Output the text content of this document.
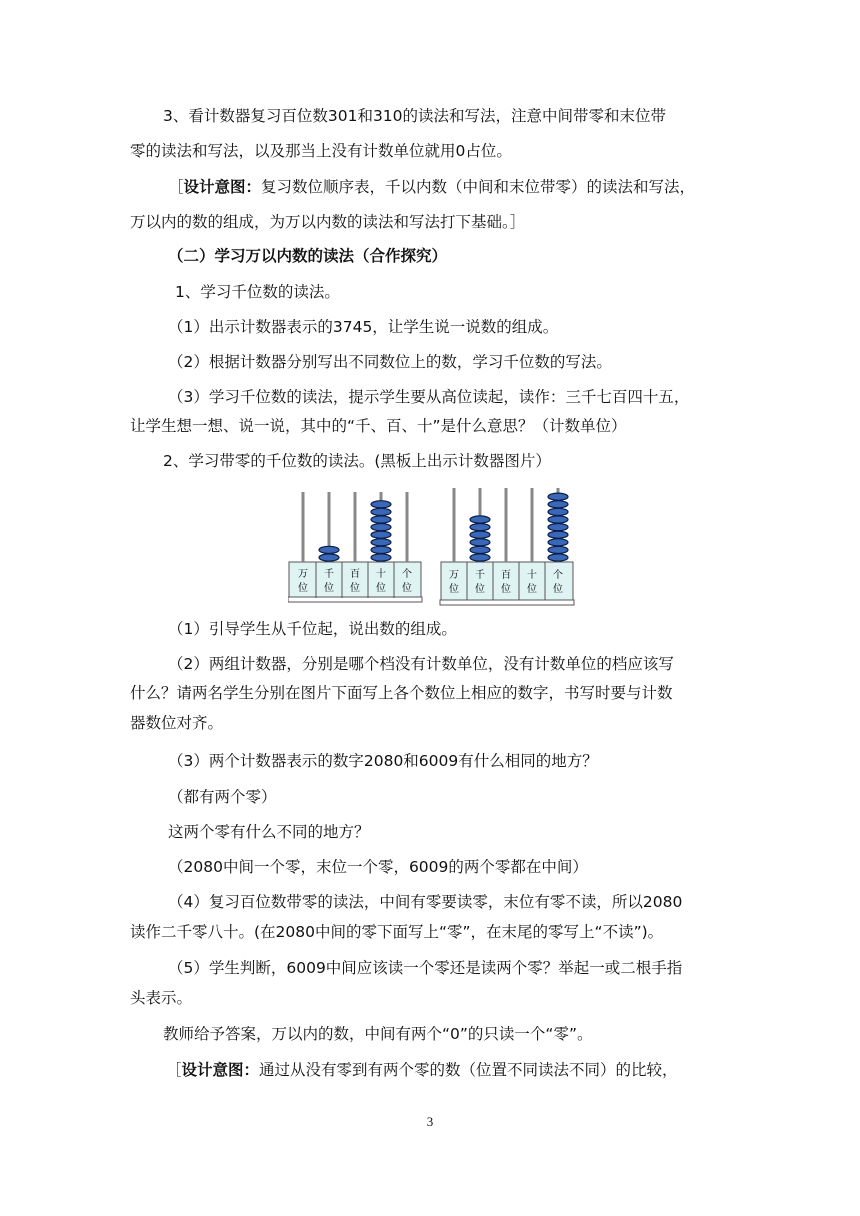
3、看计数器复习百位数301和310的读法和写法，注意中间带零和末位带
零的读法和写法，以及那当上没有计数单位就用0占位。
［设计意图：复习数位顺序表，千以内数（中间和末位带零）的读法和写法，
万以内的数的组成，为万以内数的读法和写法打下基础。］
（二）学习万以内数的读法（合作探究）
1、学习千位数的读法。
（1）出示计数器表示的3745，让学生说一说数的组成。
（2）根据计数器分别写出不同数位上的数，学习千位数的写法。
（3）学习千位数的读法，提示学生要从高位读起，读作：三千七百四十五，
让学生想一想、说一说，其中的“千、百、十”是什么意思？（计数单位）
2、学习带零的千位数的读法。(黑板上出示计数器图片）
万
位
千
位
百
位
十
位
个
位
万
位
千
位
百
位
十
位
个
位
（1）引导学生从千位起，说出数的组成。
（2）两组计数器，分别是哪个档没有计数单位，没有计数单位的档应该写
什么？请两名学生分别在图片下面写上各个数位上相应的数字，书写时要与计数
器数位对齐。
（3）两个计数器表示的数字2080和6009有什么相同的地方？
（都有两个零）
这两个零有什么不同的地方？
（2080中间一个零，末位一个零，6009的两个零都在中间）
（4）复习百位数带零的读法，中间有零要读零，末位有零不读，所以2080
读作二千零八十。(在2080中间的零下面写上“零”，在末尾的零写上“不读”)。
（5）学生判断，6009中间应该读一个零还是读两个零？举起一或二根手指
头表示。
教师给予答案，万以内的数，中间有两个“0”的只读一个“零”。
［设计意图：通过从没有零到有两个零的数（位置不同读法不同）的比较，
3
